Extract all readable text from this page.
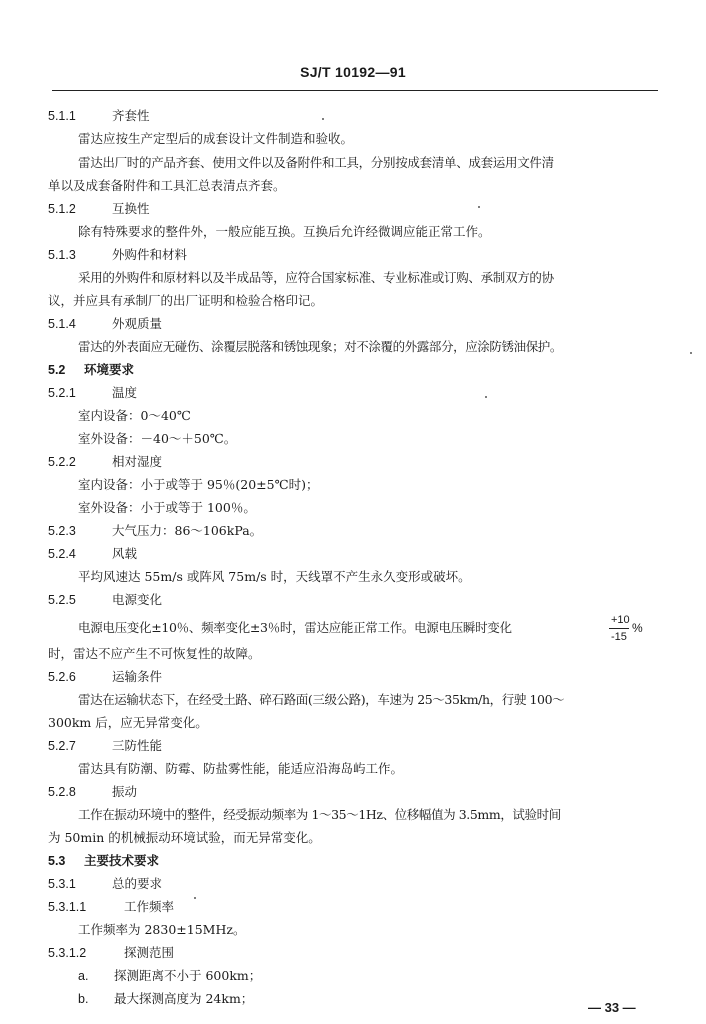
SJ/T 10192—91
5.1.1	齐套性
雷达应按生产定型后的成套设计文件制造和验收。
雷达出厂时的产品齐套、使用文件以及备附件和工具，分别按成套清单、成套运用文件清
单以及成套备附件和工具汇总表清点齐套。
5.1.2	互换性
除有特殊要求的整件外，一般应能互换。互换后允许经微调应能正常工作。
5.1.3	外购件和材料
采用的外购件和原材料以及半成品等，应符合国家标准、专业标准或订购、承制双方的协
议，并应具有承制厂的出厂证明和检验合格印记。
5.1.4	外观质量
雷达的外表面应无碰伤、涂覆层脱落和锈蚀现象；对不涂覆的外露部分，应涂防锈油保护。
5.2 环境要求
5.2.1	温度
室内设备：0～40℃
室外设备：－40～＋50℃。
5.2.2	相对湿度
室内设备：小于或等于 95％(20±5℃时)；
室外设备：小于或等于 100％。
5.2.3	大气压力：86～106kPa。
5.2.4	风载
平均风速达 55m/s 或阵风 75m/s 时，天线罩不产生永久变形或破坏。
5.2.5	电源变化
电源电压变化±10％、频率变化±3％时，雷达应能正常工作。电源电压瞬时变化	+10
-15
%
时，雷达不应产生不可恢复性的故障。
5.2.6	运输条件
雷达在运输状态下，在经受土路、碎石路面(三级公路)，车速为 25～35km/h，行驶 100～
300km 后，应无异常变化。
5.2.7	三防性能
雷达具有防潮、防霉、防盐雾性能，能适应沿海岛屿工作。
5.2.8	振动
工作在振动环境中的整件，经受振动频率为 1～35～1Hz、位移幅值为 3.5mm，试验时间
为 50min 的机械振动环境试验，而无异常变化。
5.3 主要技术要求
5.3.1	总的要求
5.3.1.1	工作频率
工作频率为 2830±15MHz。
5.3.1.2	探测范围
a. 探测距离不小于 600km；
b. 最大探测高度为 24km；
— 33 —
